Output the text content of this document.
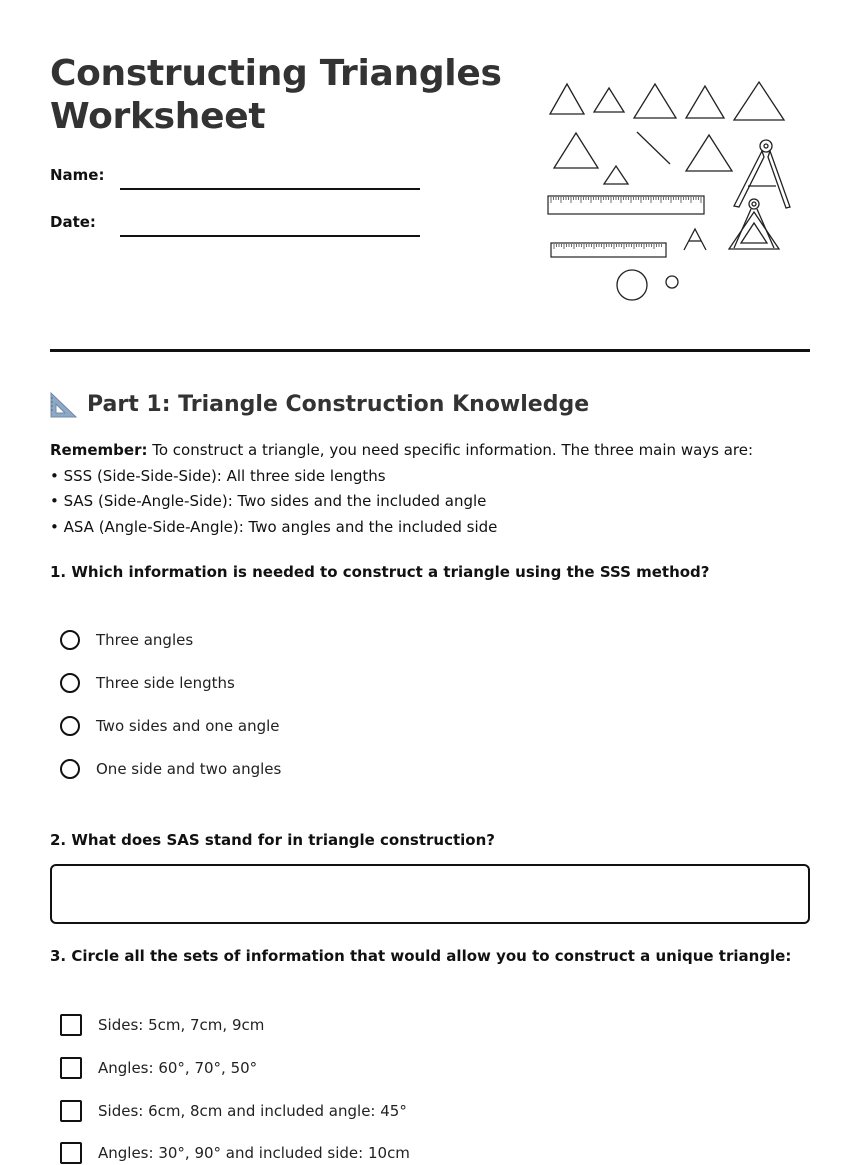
Constructing Triangles Worksheet
Name:
Date:
Part 1: Triangle Construction Knowledge
Remember: To construct a triangle, you need specific information. The three main ways are:
• SSS (Side-Side-Side): All three side lengths
• SAS (Side-Angle-Side): Two sides and the included angle
• ASA (Angle-Side-Angle): Two angles and the included side
1. Which information is needed to construct a triangle using the SSS method?
Three angles
Three side lengths
Two sides and one angle
One side and two angles
2. What does SAS stand for in triangle construction?
3. Circle all the sets of information that would allow you to construct a unique triangle:
Sides: 5cm, 7cm, 9cm
Angles: 60°, 70°, 50°
Sides: 6cm, 8cm and included angle: 45°
Angles: 30°, 90° and included side: 10cm
